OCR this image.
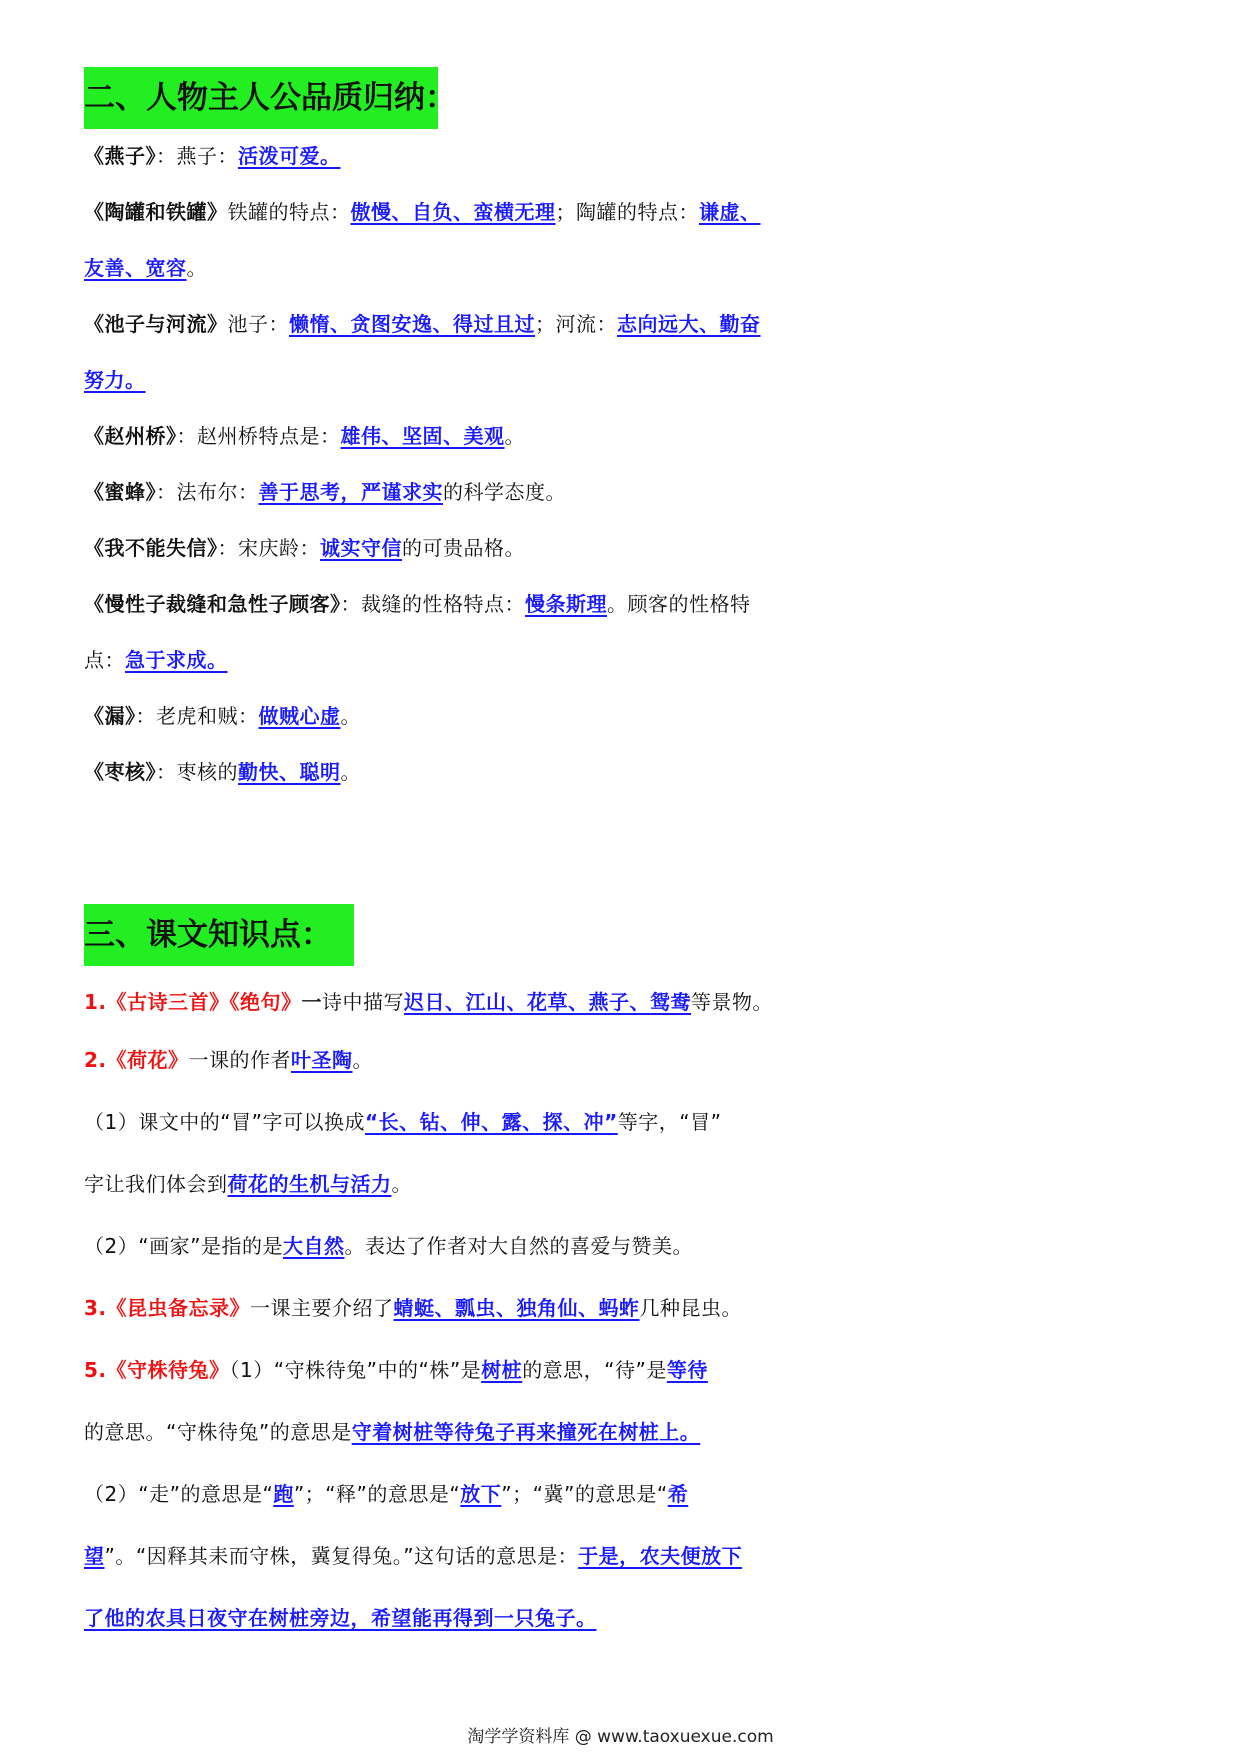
二、人物主人公品质归纳：
《燕子》：燕子：活泼可爱。
《陶罐和铁罐》铁罐的特点：傲慢、自负、蛮横无理；陶罐的特点：谦虚、
友善、宽容。
《池子与河流》池子：懒惰、贪图安逸、得过且过；河流：志向远大、勤奋
努力。
《赵州桥》：赵州桥特点是：雄伟、坚固、美观。
《蜜蜂》：法布尔：善于思考，严谨求实的科学态度。
《我不能失信》：宋庆龄：诚实守信的可贵品格。
《慢性子裁缝和急性子顾客》：裁缝的性格特点：慢条斯理。顾客的性格特
点：急于求成。
《漏》：老虎和贼：做贼心虚。
《枣核》：枣核的勤快、聪明。
三、课文知识点：
1.《古诗三首》《绝句》一诗中描写迟日、江山、花草、燕子、鸳鸯等景物。
2.《荷花》一课的作者叶圣陶。
（1）课文中的“冒”字可以换成“长、钻、伸、露、探、冲”等字，“冒”
字让我们体会到荷花的生机与活力。
（2）“画家”是指的是大自然。表达了作者对大自然的喜爱与赞美。
3.《昆虫备忘录》一课主要介绍了蜻蜓、瓢虫、独角仙、蚂蚱几种昆虫。
5.《守株待兔》（1）“守株待兔”中的“株”是树桩的意思，“待”是等待
的意思。“守株待兔”的意思是守着树桩等待兔子再来撞死在树桩上。
（2）“走”的意思是“跑”；“释”的意思是“放下”；“冀”的意思是“希
望”。“因释其耒而守株，冀复得兔。”这句话的意思是：于是，农夫便放下
了他的农具日夜守在树桩旁边，希望能再得到一只兔子。
淘学学资料库 @ www.taoxuexue.com
